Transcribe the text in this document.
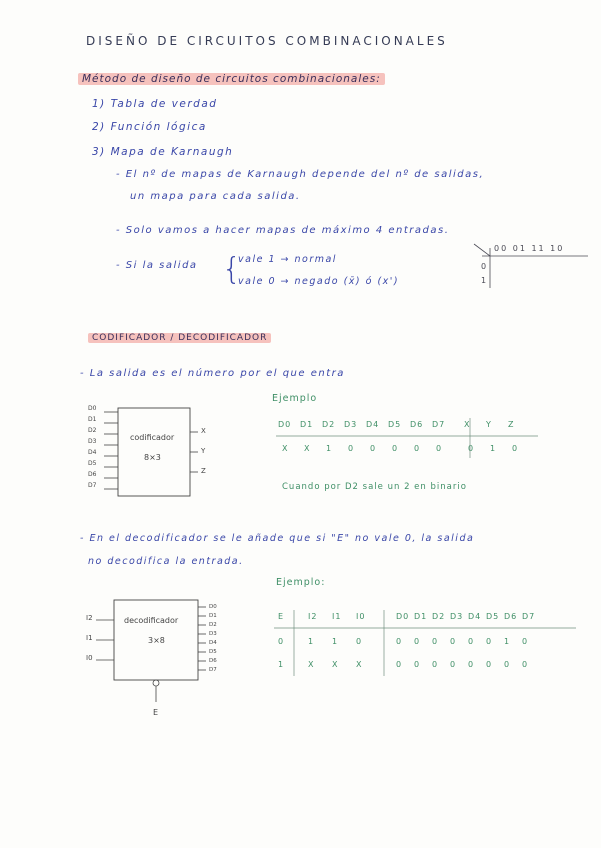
DISEÑO DE CIRCUITOS COMBINACIONALES
Método de diseño de circuitos combinacionales:
1) Tabla de verdad
2) Función lógica
3) Mapa de Karnaugh
- El nº de mapas de Karnaugh depende del nº de salidas,
un mapa para cada salida.
- Solo vamos a hacer mapas de máximo 4 entradas.
- Si la salida {
vale 1 → normal
vale 0 → negado (x̄) ó (x')
00 01 11 10
0
1
CODIFICADOR / DECODIFICADOR
- La salida es el número por el que entra
D0
D1
D2
D3
D4
D5
D6
D7
codificador
8×3
X
Y
Z
Ejemplo
D0 D1 D2 D3 D4 D5 D6 D7 X Y Z
X X 1 0 0 0 0 0	0 1 0
Cuando por D2 sale un 2 en binario
- En el decodificador se le añade que si "E" no vale 0, la salida
no decodifica la entrada.
I2
I1
I0
decodificador
3×8
D0
D1
D2
D3
D4
D5
D6
D7
E
Ejemplo:
E	I2 I1 I0	D0 D1 D2 D3 D4 D5 D6 D7
0	1 1 0	0 0 0 0 0 0 1 0
1	X X X	0 0 0 0 0 0 0 0
